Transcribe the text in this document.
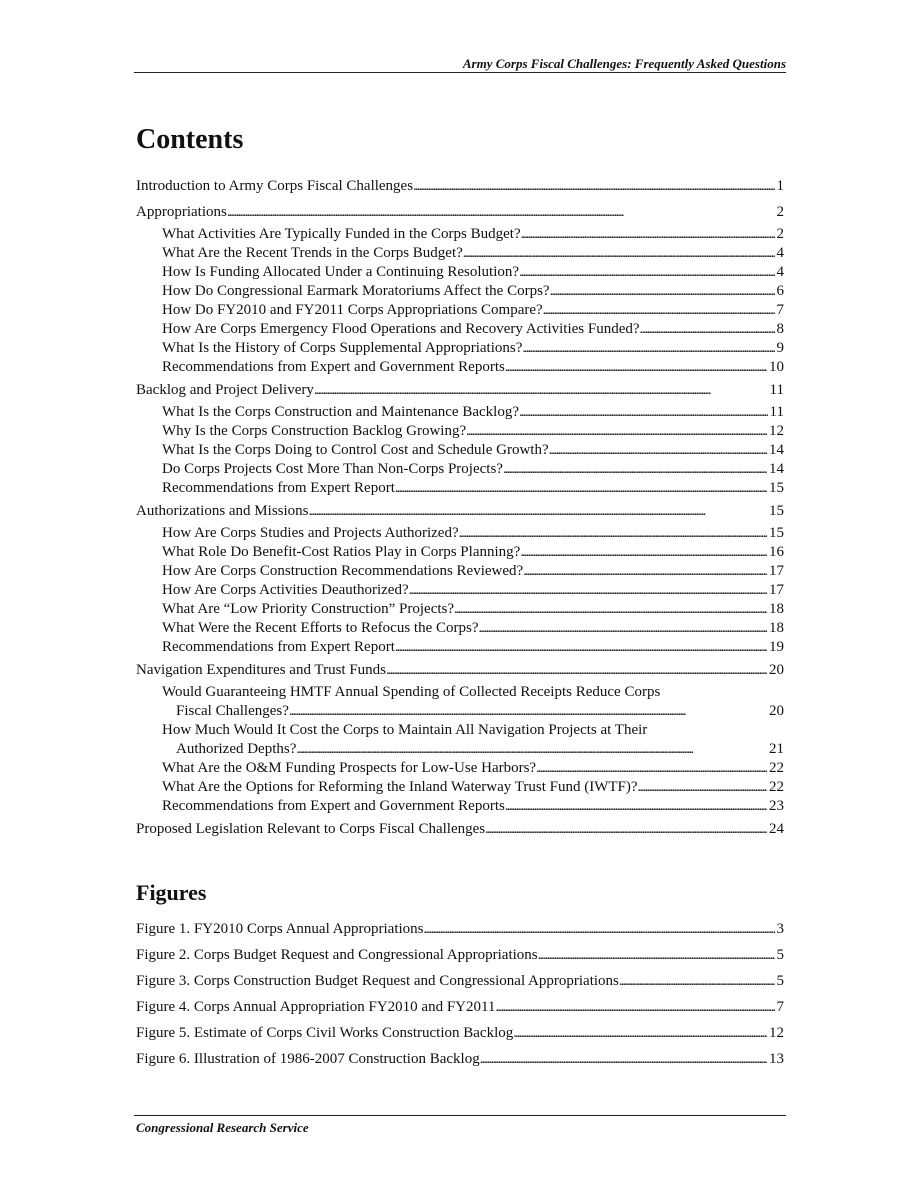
Army Corps Fiscal Challenges: Frequently Asked Questions
Contents
Introduction to Army Corps Fiscal Challenges . . .	1
Appropriations . . .	2
What Activities Are Typically Funded in the Corps Budget? . . .	2
What Are the Recent Trends in the Corps Budget? . . .	4
How Is Funding Allocated Under a Continuing Resolution? . . .	4
How Do Congressional Earmark Moratoriums Affect the Corps? . . .	6
How Do FY2010 and FY2011 Corps Appropriations Compare? . . .	7
How Are Corps Emergency Flood Operations and Recovery Activities Funded? . . .	8
What Is the History of Corps Supplemental Appropriations? . . .	9
Recommendations from Expert and Government Reports . . .	10
Backlog and Project Delivery . . .	11
What Is the Corps Construction and Maintenance Backlog? . . .	11
Why Is the Corps Construction Backlog Growing? . . .	12
What Is the Corps Doing to Control Cost and Schedule Growth? . . .	14
Do Corps Projects Cost More Than Non-Corps Projects? . . .	14
Recommendations from Expert Report . . .	15
Authorizations and Missions . . .	15
How Are Corps Studies and Projects Authorized? . . .	15
What Role Do Benefit-Cost Ratios Play in Corps Planning? . . .	16
How Are Corps Construction Recommendations Reviewed? . . .	17
How Are Corps Activities Deauthorized? . . .	17
What Are “Low Priority Construction” Projects? . . .	18
What Were the Recent Efforts to Refocus the Corps? . . .	18
Recommendations from Expert Report . . .	19
Navigation Expenditures and Trust Funds . . .	20
Would Guaranteeing HMTF Annual Spending of Collected Receipts Reduce Corps
Fiscal Challenges? . . .	20
How Much Would It Cost the Corps to Maintain All Navigation Projects at Their
Authorized Depths? . . .	21
What Are the O&M Funding Prospects for Low-Use Harbors? . . .	22
What Are the Options for Reforming the Inland Waterway Trust Fund (IWTF)? . . .	22
Recommendations from Expert and Government Reports . . .	23
Proposed Legislation Relevant to Corps Fiscal Challenges . . .	24
Figures
Figure 1. FY2010 Corps Annual Appropriations . . .	3
Figure 2. Corps Budget Request and Congressional Appropriations . . .	5
Figure 3. Corps Construction Budget Request and Congressional Appropriations . . .	5
Figure 4. Corps Annual Appropriation FY2010 and FY2011 . . .	7
Figure 5. Estimate of Corps Civil Works Construction Backlog . . .	12
Figure 6. Illustration of 1986-2007 Construction Backlog . . .	13
Congressional Research Service
